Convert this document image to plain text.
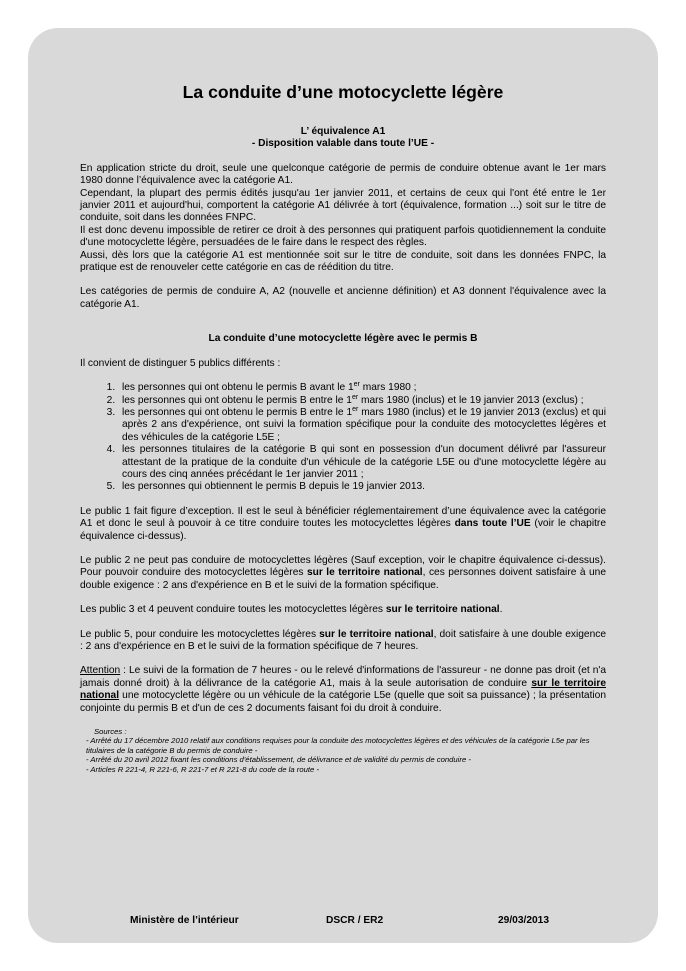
La conduite d’une motocyclette légère
L’ équivalence A1
- Disposition valable dans toute l’UE -

En application stricte du droit, seule une quelconque catégorie de permis de conduire obtenue avant le 1er mars 1980 donne l’équivalence avec la catégorie A1.

Cependant, la plupart des permis édités jusqu'au 1er janvier 2011, et certains de ceux qui l'ont été entre le 1er janvier 2011 et aujourd'hui, comportent la catégorie A1 délivrée à tort (équivalence, formation ...) soit sur le titre de conduite, soit dans les données FNPC.

Il est donc devenu impossible de retirer ce droit à des personnes qui pratiquent parfois quotidiennement la conduite d'une motocyclette légère, persuadées de le faire dans le respect des règles.

Aussi, dès lors que la catégorie A1 est mentionnée soit sur le titre de conduite, soit dans les données FNPC, la pratique est de renouveler cette catégorie en cas de réédition du titre.

Les catégories de permis de conduire A, A2 (nouvelle et ancienne définition) et A3 donnent l'équivalence avec la catégorie A1.

La conduite d’une motocyclette légère avec le permis B

Il convient de distinguer 5 publics différents :

1. les personnes qui ont obtenu le permis B avant le 1er mars 1980 ;
2. les personnes qui ont obtenu le permis B entre le 1er mars 1980 (inclus) et le 19 janvier 2013 (exclus) ;
3. les personnes qui ont obtenu le permis B entre le 1er mars 1980 (inclus) et le 19 janvier 2013 (exclus) et qui après 2 ans d'expérience, ont suivi la formation spécifique pour la conduite des motocyclettes légères et des véhicules de la catégorie L5E ;
4. les personnes titulaires de la catégorie B qui sont en possession d'un document délivré par l'assureur attestant de la pratique de la conduite d'un véhicule de la catégorie L5E ou d'une motocyclette légère au cours des cinq années précédant le 1er janvier 2011 ;
5. les personnes qui obtiennent le permis B depuis le 19 janvier 2013.

Le public 1 fait figure d’exception. Il est le seul à bénéficier réglementairement d’une équivalence avec la catégorie A1 et donc le seul à pouvoir à ce titre conduire toutes les motocyclettes légères dans toute l’UE (voir le chapitre équivalence ci-dessus).

Le public 2 ne peut pas conduire de motocyclettes légères (Sauf exception, voir le chapitre équivalence ci-dessus). Pour pouvoir conduire des motocyclettes légères sur le territoire national, ces personnes doivent satisfaire à une double exigence : 2 ans d'expérience en B et le suivi de la formation spécifique.

Les public 3 et 4 peuvent conduire toutes les motocyclettes légères sur le territoire national.

Le public 5, pour conduire les motocyclettes légères sur le territoire national, doit satisfaire à une double exigence : 2 ans d'expérience en B et le suivi de la formation spécifique de 7 heures.

Attention : Le suivi de la formation de 7 heures - ou le relevé d'informations de l'assureur - ne donne pas droit (et n'a jamais donné droit) à la délivrance de la catégorie A1, mais à la seule autorisation de conduire sur le territoire national une motocyclette légère ou un véhicule de la catégorie L5e (quelle que soit sa puissance) ; la présentation conjointe du permis B et d'un de ces 2 documents faisant foi du droit à conduire.

Sources :
- Arrêté du 17 décembre 2010 relatif aux conditions requises pour la conduite des motocyclettes légères et des véhicules de la catégorie L5e par les titulaires de la catégorie B du permis de conduire -
- Arrêté du 20 avril 2012 fixant les conditions d'établissement, de délivrance et de validité du permis de conduire -
- Articles R 221-4, R 221-6, R 221-7 et R 221-8 du code de la route -
Ministère de l’intérieur	DSCR / ER2	29/03/2013
